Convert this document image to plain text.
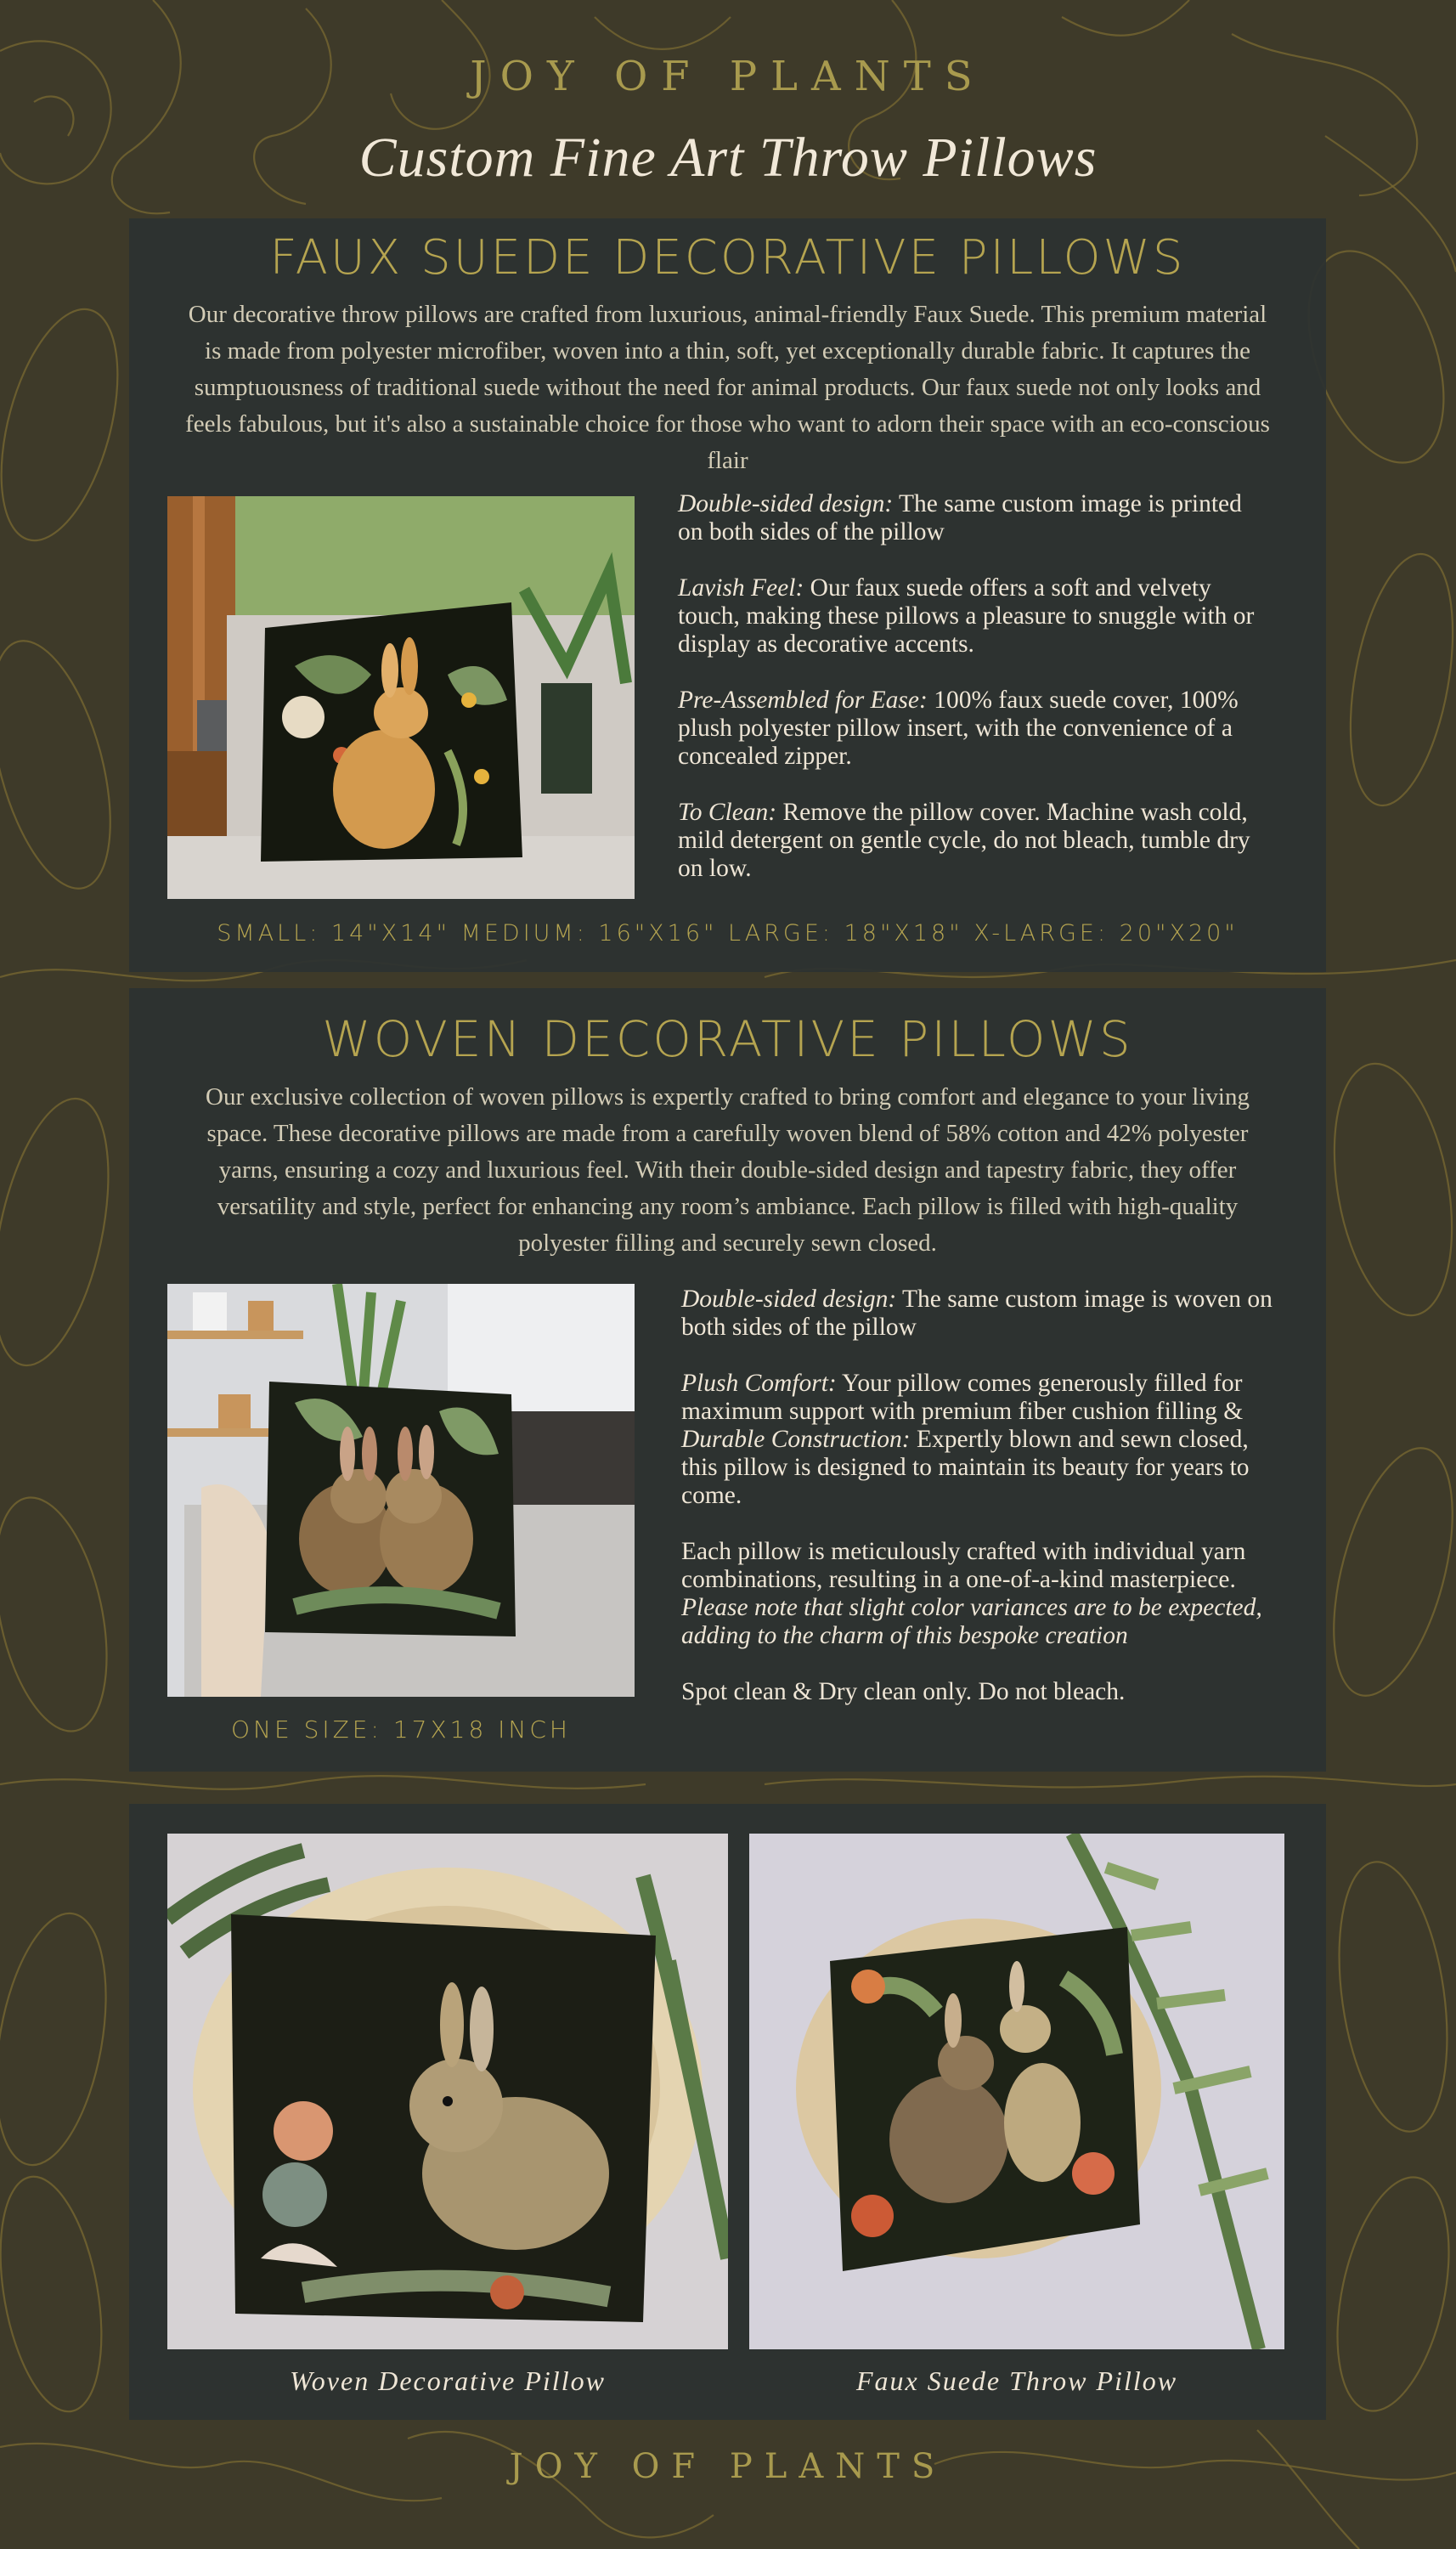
JOY OF PLANTS
Custom Fine Art Throw Pillows
FAUX SUEDE DECORATIVE PILLOWS

Our decorative throw pillows are crafted from luxurious, animal-friendly Faux Suede. This premium material is made from polyester microfiber, woven into a thin, soft, yet exceptionally durable fabric. It captures the sumptuousness of traditional suede without the need for animal products. Our faux suede not only looks and feels fabulous, but it's also a sustainable choice for those who want to adorn their space with an eco-conscious flair

Double-sided design: The same custom image is printed on both sides of the pillow
Lavish Feel: Our faux suede offers a soft and velvety touch, making these pillows a pleasure to snuggle with or display as decorative accents.
Pre-Assembled for Ease: 100% faux suede cover, 100% plush polyester pillow insert, with the convenience of a concealed zipper.
To Clean: Remove the pillow cover. Machine wash cold, mild detergent on gentle cycle, do not bleach, tumble dry on low.
SMALL: 14"X14" MEDIUM: 16"X16" LARGE: 18"X18" X-LARGE: 20"X20"
WOVEN DECORATIVE PILLOWS

Our exclusive collection of woven pillows is expertly crafted to bring comfort and elegance to your living space. These decorative pillows are made from a carefully woven blend of 58% cotton and 42% polyester yarns, ensuring a cozy and luxurious feel. With their double-sided design and tapestry fabric, they offer versatility and style, perfect for enhancing any room’s ambiance. Each pillow is filled with high-quality polyester filling and securely sewn closed.

Double-sided design: The same custom image is woven on both sides of the pillow
Plush Comfort: Your pillow comes generously filled for maximum support with premium fiber cushion filling & Durable Construction: Expertly blown and sewn closed, this pillow is designed to maintain its beauty for years to come.
Each pillow is meticulously crafted with individual yarn combinations, resulting in a one-of-a-kind masterpiece. Please note that slight color variances are to be expected, adding to the charm of this bespoke creation
Spot clean & Dry clean only. Do not bleach.
ONE SIZE: 17X18 INCH
Woven Decorative Pillow	Faux Suede Throw Pillow
JOY OF PLANTS
